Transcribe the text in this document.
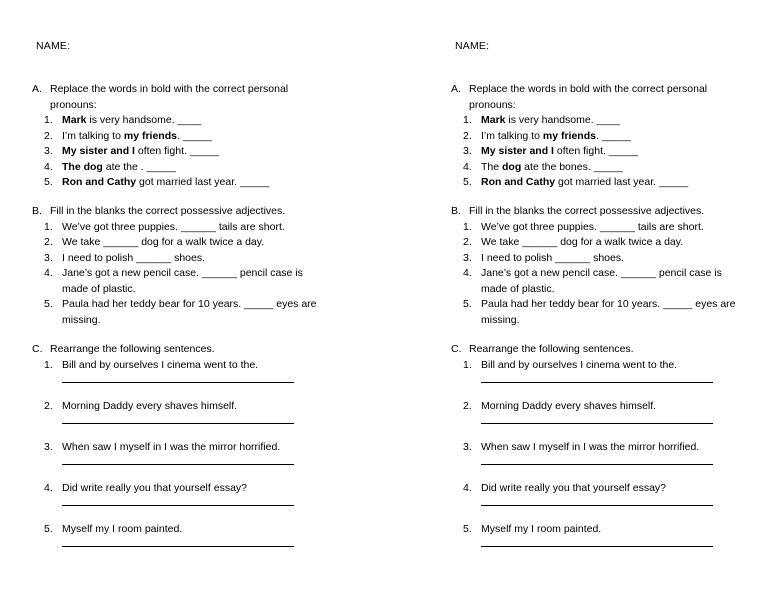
NAME:
A. Replace the words in bold with the correct personal pronouns:
1. Mark is very handsome. ____
2. I’m talking to my friends. _____
3. My sister and I often fight. _____
4. The dog ate the . _____
5. Ron and Cathy got married last year. _____
B. Fill in the blanks the correct possessive adjectives.
1. We’ve got three puppies. ______ tails are short.
2. We take ______ dog for a walk twice a day.
3. I need to polish ______ shoes.
4. Jane’s got a new pencil case. ______ pencil case is made of plastic.
5. Paula had her teddy bear for 10 years. _____ eyes are missing.
C. Rearrange the following sentences.
1. Bill and by ourselves I cinema went to the.
2. Morning Daddy every shaves himself.
3. When saw I myself in I was the mirror horrified.
4. Did write really you that yourself essay?
5. Myself my I room painted.
NAME:
A. Replace the words in bold with the correct personal pronouns:
1. Mark is very handsome. ____
2. I’m talking to my friends. _____
3. My sister and I often fight. _____
4. The dog ate the bones. _____
5. Ron and Cathy got married last year. _____
B. Fill in the blanks the correct possessive adjectives.
1. We’ve got three puppies. ______ tails are short.
2. We take ______ dog for a walk twice a day.
3. I need to polish ______ shoes.
4. Jane’s got a new pencil case. ______ pencil case is made of plastic.
5. Paula had her teddy bear for 10 years. _____ eyes are missing.
C. Rearrange the following sentences.
1. Bill and by ourselves I cinema went to the.
2. Morning Daddy every shaves himself.
3. When saw I myself in I was the mirror horrified.
4. Did write really you that yourself essay?
5. Myself my I room painted.
